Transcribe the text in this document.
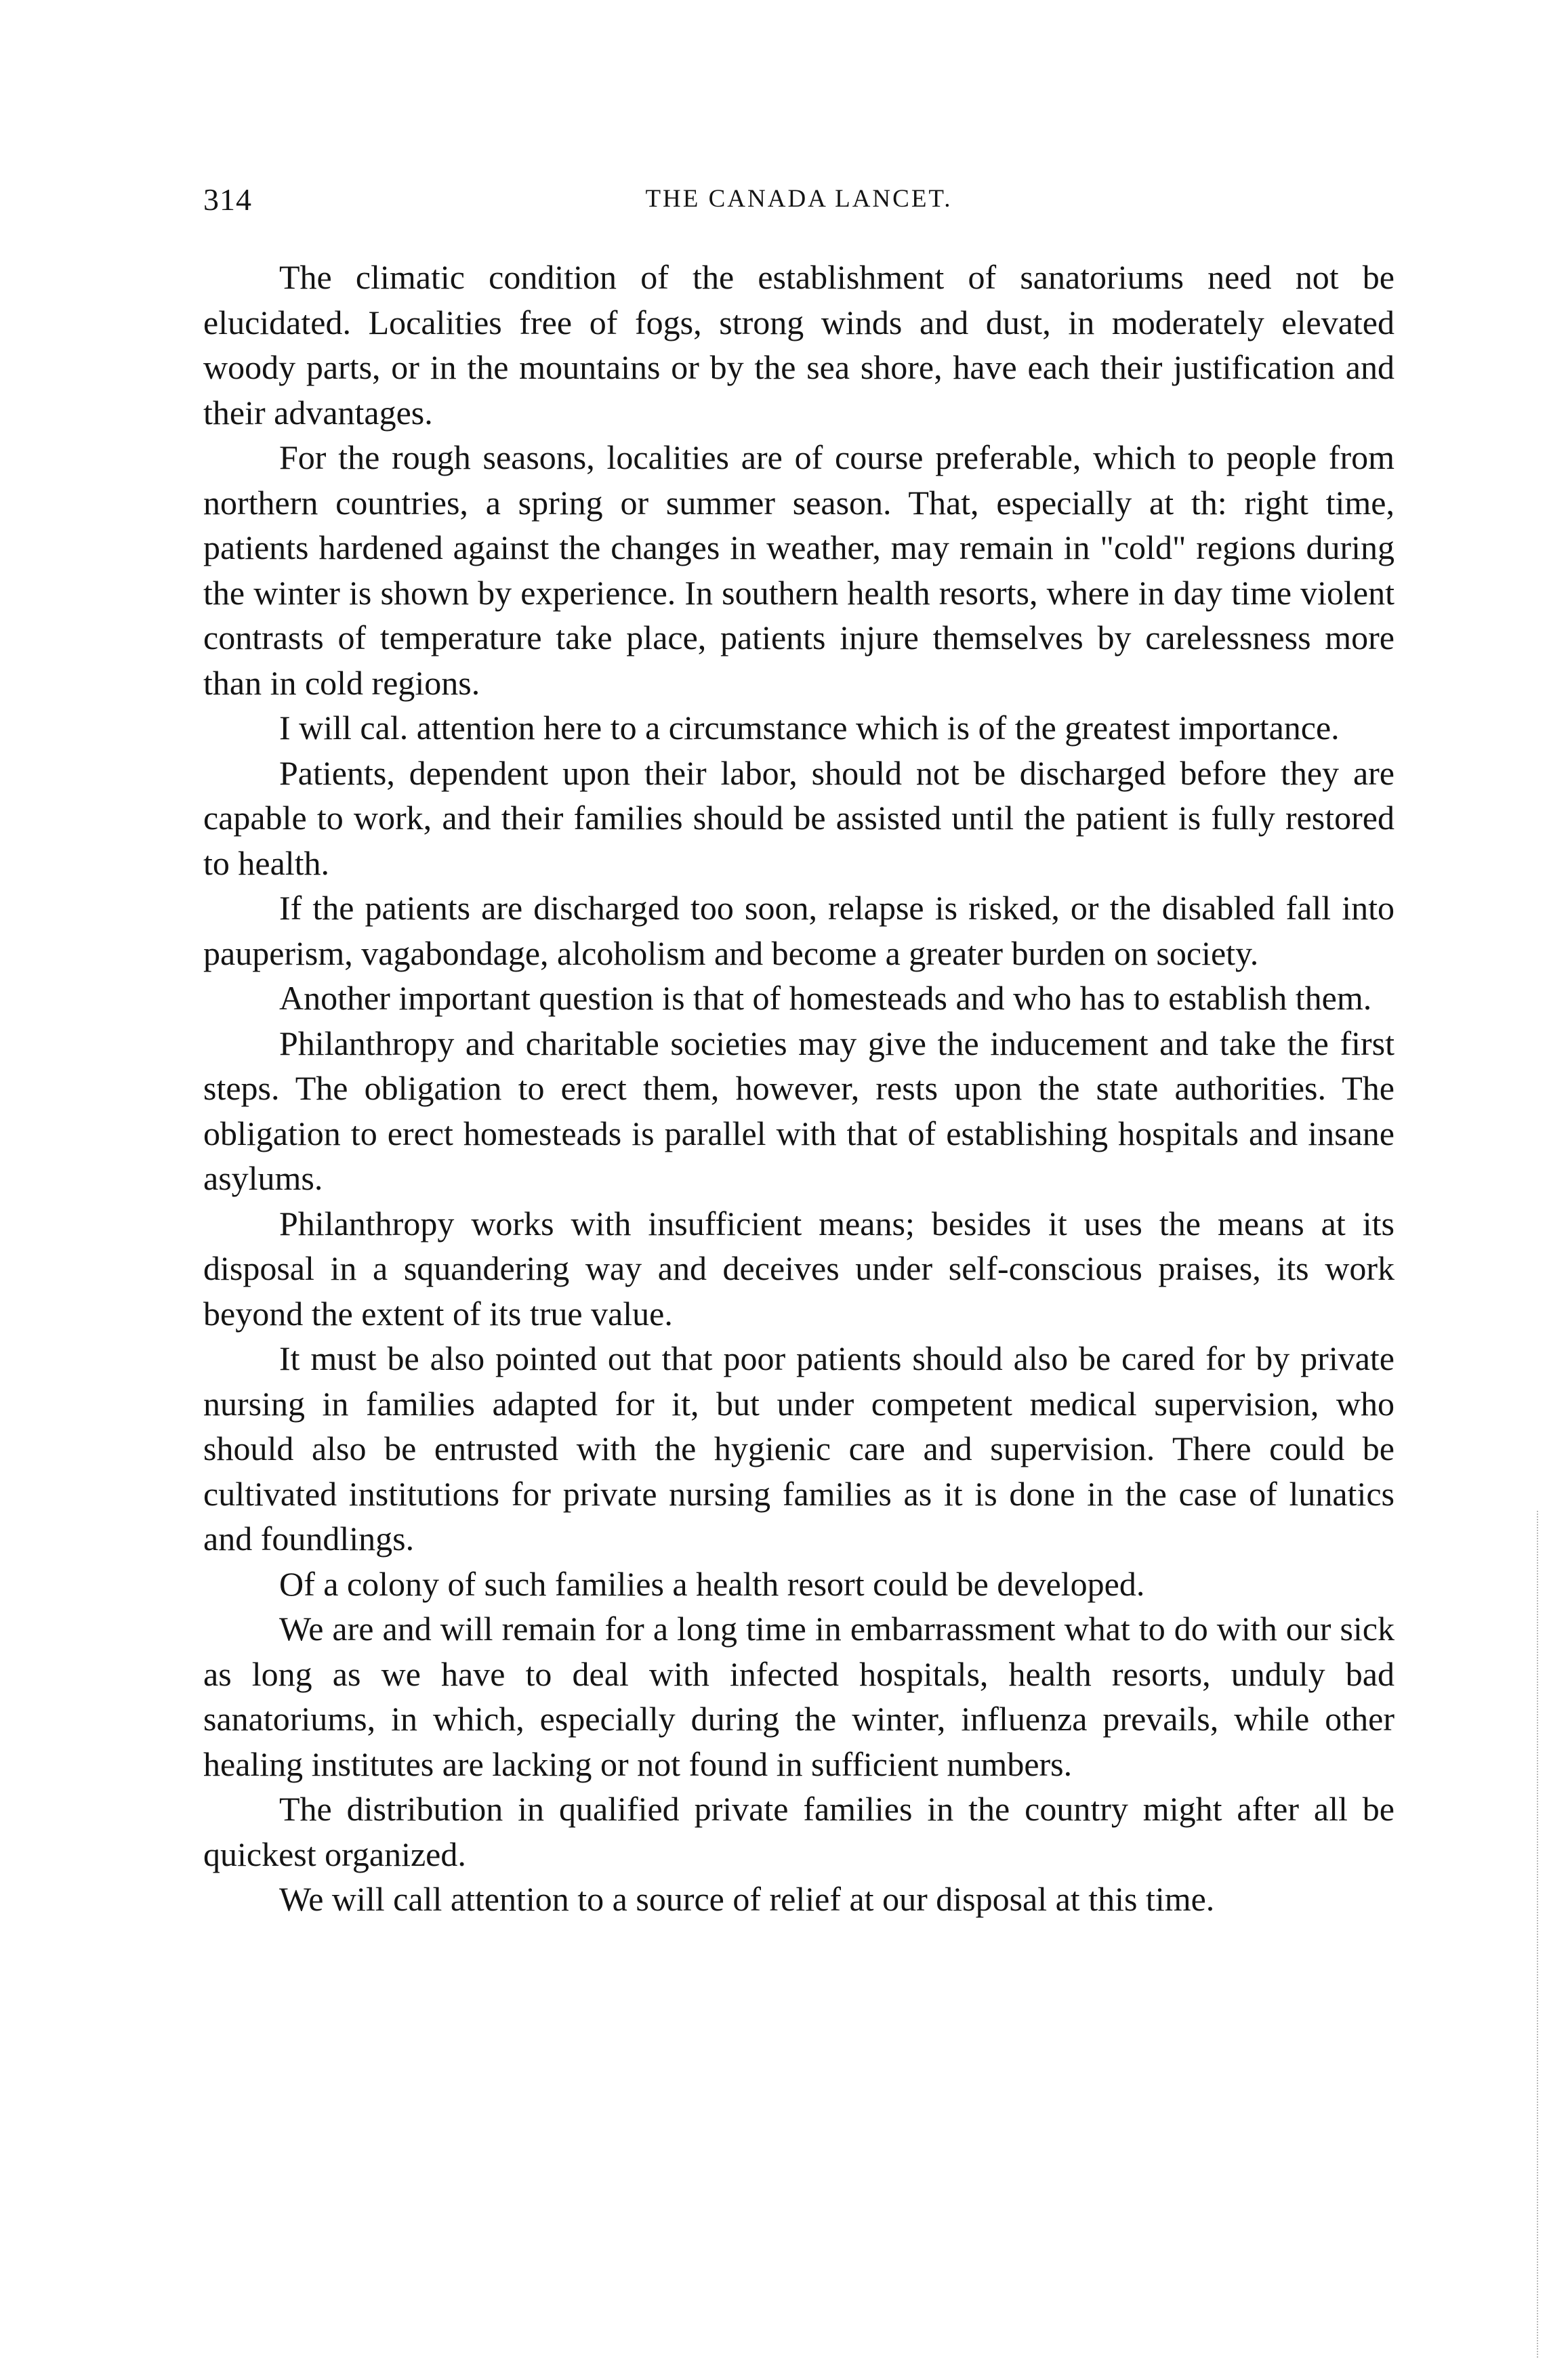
314	THE CANADA LANCET.

The climatic condition of the establishment of sanatoriums need not be elucidated. Localities free of fogs, strong winds and dust, in moderately elevated woody parts, or in the mountains or by the sea shore, have each their justification and their advantages.

For the rough seasons, localities are of course preferable, which to people from northern countries, a spring or summer season. That, especially at th: right time, patients hardened against the changes in weather, may remain in "cold" regions during the winter is shown by experience. In southern health resorts, where in day time violent contrasts of temperature take place, patients injure themselves by carelessness more than in cold regions.

I will cal. attention here to a circumstance which is of the greatest importance.

Patients, dependent upon their labor, should not be discharged before they are capable to work, and their families should be assisted until the patient is fully restored to health.

If the patients are discharged too soon, relapse is risked, or the disabled fall into pauperism, vagabondage, alcoholism and become a greater burden on society.

Another important question is that of homesteads and who has to establish them.

Philanthropy and charitable societies may give the inducement and take the first steps. The obligation to erect them, however, rests upon the state authorities. The obligation to erect homesteads is parallel with that of establishing hospitals and insane asylums.

Philanthropy works with insufficient means; besides it uses the means at its disposal in a squandering way and deceives under self-conscious praises, its work beyond the extent of its true value.

It must be also pointed out that poor patients should also be cared for by private nursing in families adapted for it, but under competent medical supervision, who should also be entrusted with the hygienic care and supervision. There could be cultivated institutions for private nursing families as it is done in the case of lunatics and foundlings.

Of a colony of such families a health resort could be developed.

We are and will remain for a long time in embarrassment what to do with our sick as long as we have to deal with infected hospitals, health resorts, unduly bad sanatoriums, in which, especially during the winter, influenza prevails, while other healing institutes are lacking or not found in sufficient numbers.

The distribution in qualified private families in the country might after all be quickest organized.

We will call attention to a source of relief at our disposal at this time.
